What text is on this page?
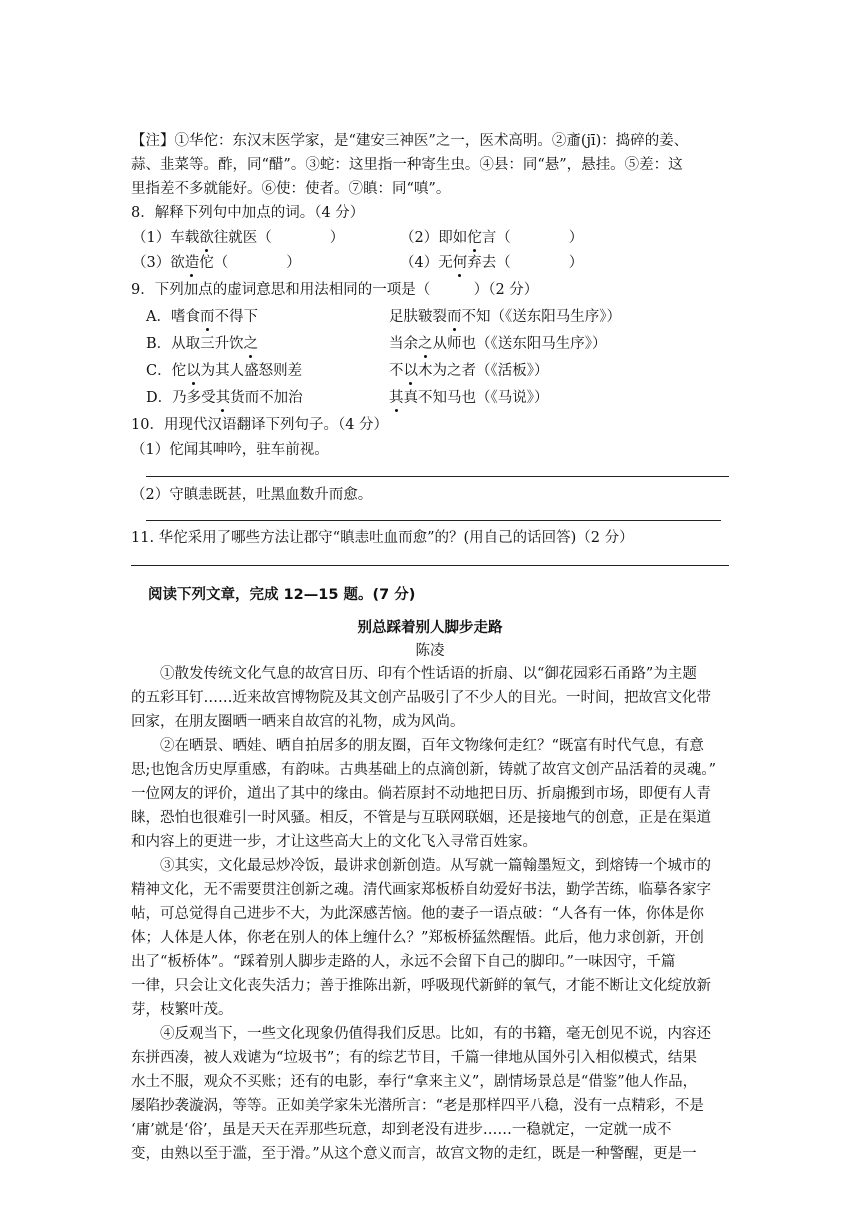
【注】①华佗：东汉末医学家，是“建安三神医”之一，医术高明。②齑(jī)：捣碎的姜、
蒜、韭菜等。酢，同“醋”。③蛇：这里指一种寄生虫。④县：同“悬”，悬挂。⑤差：这
里指差不多就能好。⑥使：使者。⑦瞋：同“嗔”。
8．解释下列句中加点的词。（4 分）
（1）车载欲往就医（　　　　）	（2）即如佗言（　　　　）
（3）欲造佗（　　　　）	（4）无何弃去（　　　　）
9．下列加点的虚词意思和用法相同的一项是（　　　）（2 分）
A．嗜食而不得下	足肤皲裂而不知（《送东阳马生序》）
B．从取三升饮之	当余之从师也（《送东阳马生序》）
C．佗以为其人盛怒则差	不以木为之者（《活板》）
D．乃多受其货而不加治	其真不知马也（《马说》）
10．用现代汉语翻译下列句子。（4 分）
（1）佗闻其呻吟，驻车前视。
（2）守瞋恚既甚，吐黑血数升而愈。
11. 华佗采用了哪些方法让郡守“瞋恚吐血而愈”的？(用自己的话回答)（2 分）
阅读下列文章，完成 12—15 题。(7 分)
别总踩着别人脚步走路
陈凌
　　①散发传统文化气息的故宫日历、印有个性话语的折扇、以“御花园彩石甬路”为主题
的五彩耳钉……近来故宫博物院及其文创产品吸引了不少人的目光。一时间，把故宫文化带
回家，在朋友圈晒一晒来自故宫的礼物，成为风尚。
　　②在晒景、晒娃、晒自拍居多的朋友圈，百年文物缘何走红？“既富有时代气息，有意
思;也饱含历史厚重感，有韵味。古典基础上的点滴创新，铸就了故宫文创产品活着的灵魂。”
一位网友的评价，道出了其中的缘由。倘若原封不动地把日历、折扇搬到市场，即便有人青
睐，恐怕也很难引一时风骚。相反，不管是与互联网联姻，还是接地气的创意，正是在渠道
和内容上的更进一步，才让这些高大上的文化飞入寻常百姓家。
　　③其实，文化最忌炒冷饭，最讲求创新创造。从写就一篇翰墨短文，到熔铸一个城市的
精神文化，无不需要贯注创新之魂。清代画家郑板桥自幼爱好书法，勤学苦练，临摹各家字
帖，可总觉得自己进步不大，为此深感苦恼。他的妻子一语点破：“人各有一体，你体是你
体；人体是人体，你老在别人的体上缠什么？”郑板桥猛然醒悟。此后，他力求创新，开创
出了“板桥体”。“踩着别人脚步走路的人，永远不会留下自己的脚印。”一味因守，千篇
一律，只会让文化丧失活力；善于推陈出新，呼吸现代新鲜的氧气，才能不断让文化绽放新
芽，枝繁叶茂。
　　④反观当下，一些文化现象仍值得我们反思。比如，有的书籍，毫无创见不说，内容还
东拼西凑，被人戏谑为“垃圾书”；有的综艺节目，千篇一律地从国外引入相似模式，结果
水土不服，观众不买账；还有的电影，奉行“拿来主义”，剧情场景总是“借鉴”他人作品，
屡陷抄袭漩涡，等等。正如美学家朱光潜所言：“老是那样四平八稳，没有一点精彩，不是
‘庸’就是‘俗’，虽是天天在弄那些玩意，却到老没有进步……一稳就定，一定就一成不
变，由熟以至于滥，至于滑。”从这个意义而言，故宫文物的走红，既是一种警醒，更是一
